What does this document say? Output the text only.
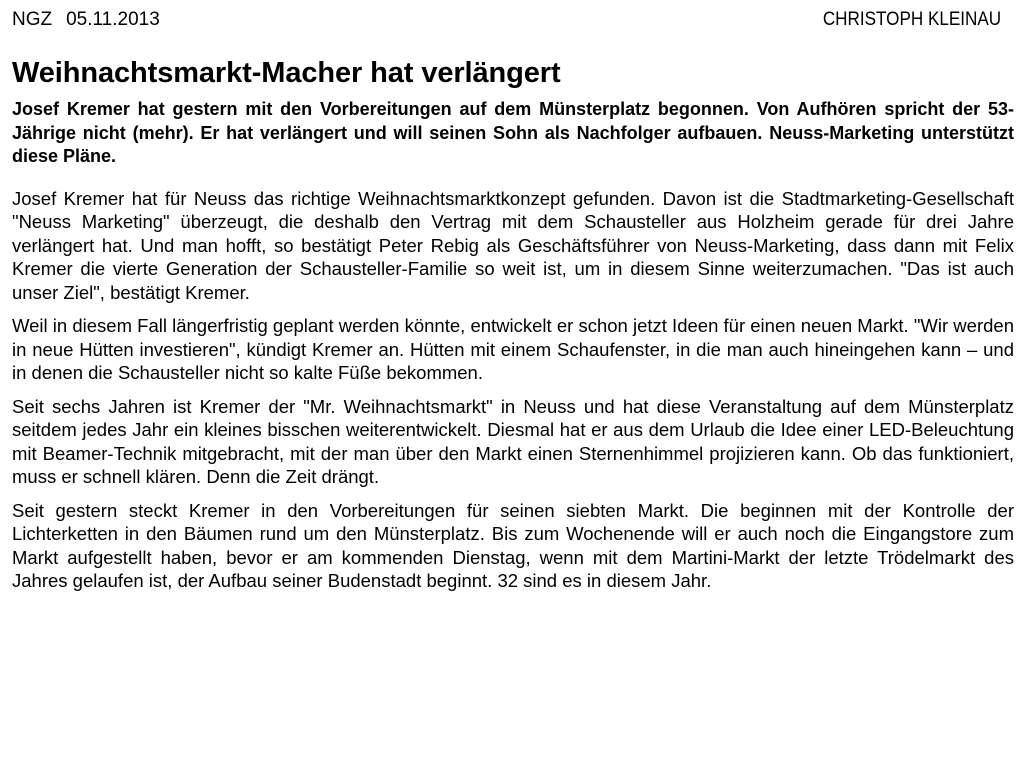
NGZ 05.11.2013	CHRISTOPH KLEINAU
Weihnachtsmarkt-Macher hat verlängert

Josef Kremer hat gestern mit den Vorbereitungen auf dem Münsterplatz begonnen. Von Aufhören spricht der 53-Jährige nicht (mehr). Er hat verlängert und will seinen Sohn als Nachfolger aufbauen. Neuss-Marketing unterstützt diese Pläne.

Josef Kremer hat für Neuss das richtige Weihnachtsmarktkonzept gefunden. Davon ist die Stadtmarketing-Gesellschaft "Neuss Marketing" überzeugt, die deshalb den Vertrag mit dem Schausteller aus Holzheim gerade für drei Jahre verlängert hat. Und man hofft, so bestätigt Peter Rebig als Geschäftsführer von Neuss-Marketing, dass dann mit Felix Kremer die vierte Generation der Schausteller-Familie so weit ist, um in diesem Sinne weiterzumachen. "Das ist auch unser Ziel", bestätigt Kremer.

Weil in diesem Fall längerfristig geplant werden könnte, entwickelt er schon jetzt Ideen für einen neuen Markt. "Wir werden in neue Hütten investieren", kündigt Kremer an. Hütten mit einem Schaufenster, in die man auch hineingehen kann – und in denen die Schausteller nicht so kalte Füße bekommen.

Seit sechs Jahren ist Kremer der "Mr. Weihnachtsmarkt" in Neuss und hat diese Veranstaltung auf dem Münsterplatz seitdem jedes Jahr ein kleines bisschen weiterentwickelt. Diesmal hat er aus dem Urlaub die Idee einer LED-Beleuchtung mit Beamer-Technik mitgebracht, mit der man über den Markt einen Sternenhimmel projizieren kann. Ob das funktioniert, muss er schnell klären. Denn die Zeit drängt.

Seit gestern steckt Kremer in den Vorbereitungen für seinen siebten Markt. Die beginnen mit der Kontrolle der Lichterketten in den Bäumen rund um den Münsterplatz. Bis zum Wochenende will er auch noch die Eingangstore zum Markt aufgestellt haben, bevor er am kommenden Dienstag, wenn mit dem Martini-Markt der letzte Trödelmarkt des Jahres gelaufen ist, der Aufbau seiner Budenstadt beginnt. 32 sind es in diesem Jahr.
